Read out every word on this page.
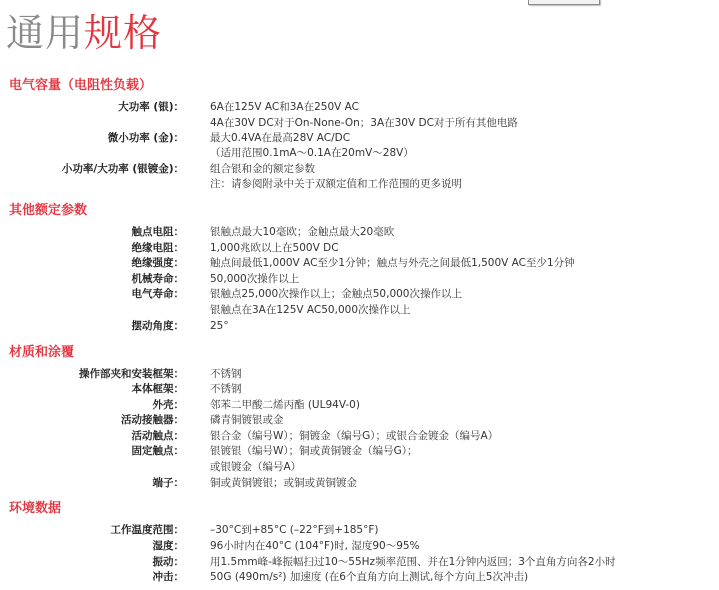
通用规格
电气容量（电阻性负载）
大功率 (银)： 6A在125V AC和3A在250V AC
4A在30V DC对于On-None-On；3A在30V DC对于所有其他电路
微小功率 (金)： 最大0.4VA在最高28V AC/DC
（适用范围0.1mA～0.1A在20mV～28V）
小功率/大功率 (银镀金)： 组合银和金的额定参数
注：请参阅附录中关于双额定值和工作范围的更多说明
其他额定参数
触点电阻： 银触点最大10毫欧；金触点最大20毫欧
绝缘电阻： 1,000兆欧以上在500V DC
绝缘强度： 触点间最低1,000V AC至少1分钟；触点与外壳之间最低1,500V AC至少1分钟
机械寿命： 50,000次操作以上
电气寿命： 银触点25,000次操作以上；金触点50,000次操作以上
银触点在3A在125V AC50,000次操作以上
摆动角度： 25°
材质和涂覆
操作部夹和安装框架： 不锈钢
本体框架： 不锈钢
外壳： 邻苯二甲酸二烯丙酯 (UL94V-0)
活动接触器： 磷青铜镀银或金
活动触点： 银合金（编号W）；铜镀金（编号G）；或银合金镀金（编号A）
固定触点： 银镀银（编号W）；铜或黄铜镀金（编号G）；
或银镀金（编号A）
端子： 铜或黄铜镀银；或铜或黄铜镀金
环境数据
工作温度范围： –30°C到+85°C (–22°F到+185°F)
湿度： 96小时内在40°C (104°F)时, 湿度90～95%
振动： 用1.5mm峰-峰振幅扫过10～55Hz频率范围、并在1分钟内返回；3个直角方向各2小时
冲击： 50G (490m/s²) 加速度 (在6个直角方向上测试,每个方向上5次冲击)
